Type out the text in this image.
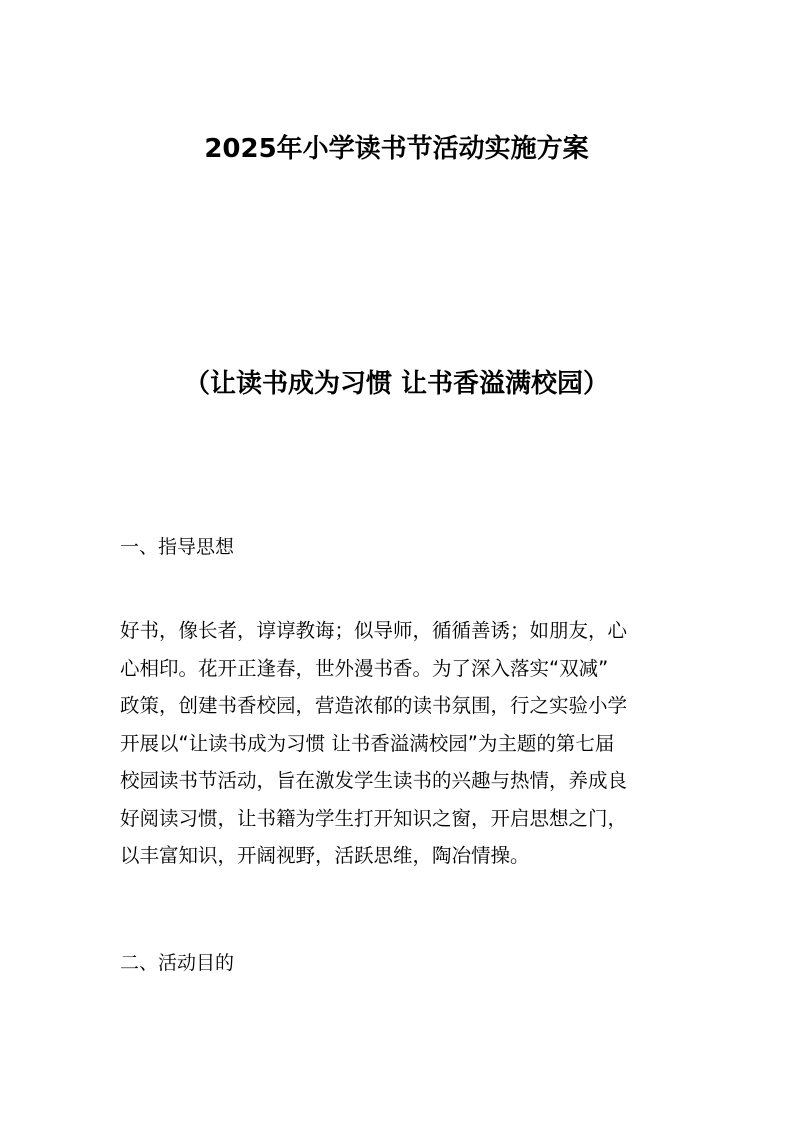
2025年小学读书节活动实施方案
（让读书成为习惯 让书香溢满校园）
一、指导思想
好书，像长者，谆谆教诲；似导师，循循善诱；如朋友，心
心相印。花开正逢春，世外漫书香。为了深入落实“双减”
政策，创建书香校园，营造浓郁的读书氛围，行之实验小学
开展以“让读书成为习惯 让书香溢满校园”为主题的第七届
校园读书节活动，旨在激发学生读书的兴趣与热情，养成良
好阅读习惯，让书籍为学生打开知识之窗，开启思想之门，
以丰富知识，开阔视野，活跃思维，陶冶情操。
二、活动目的
